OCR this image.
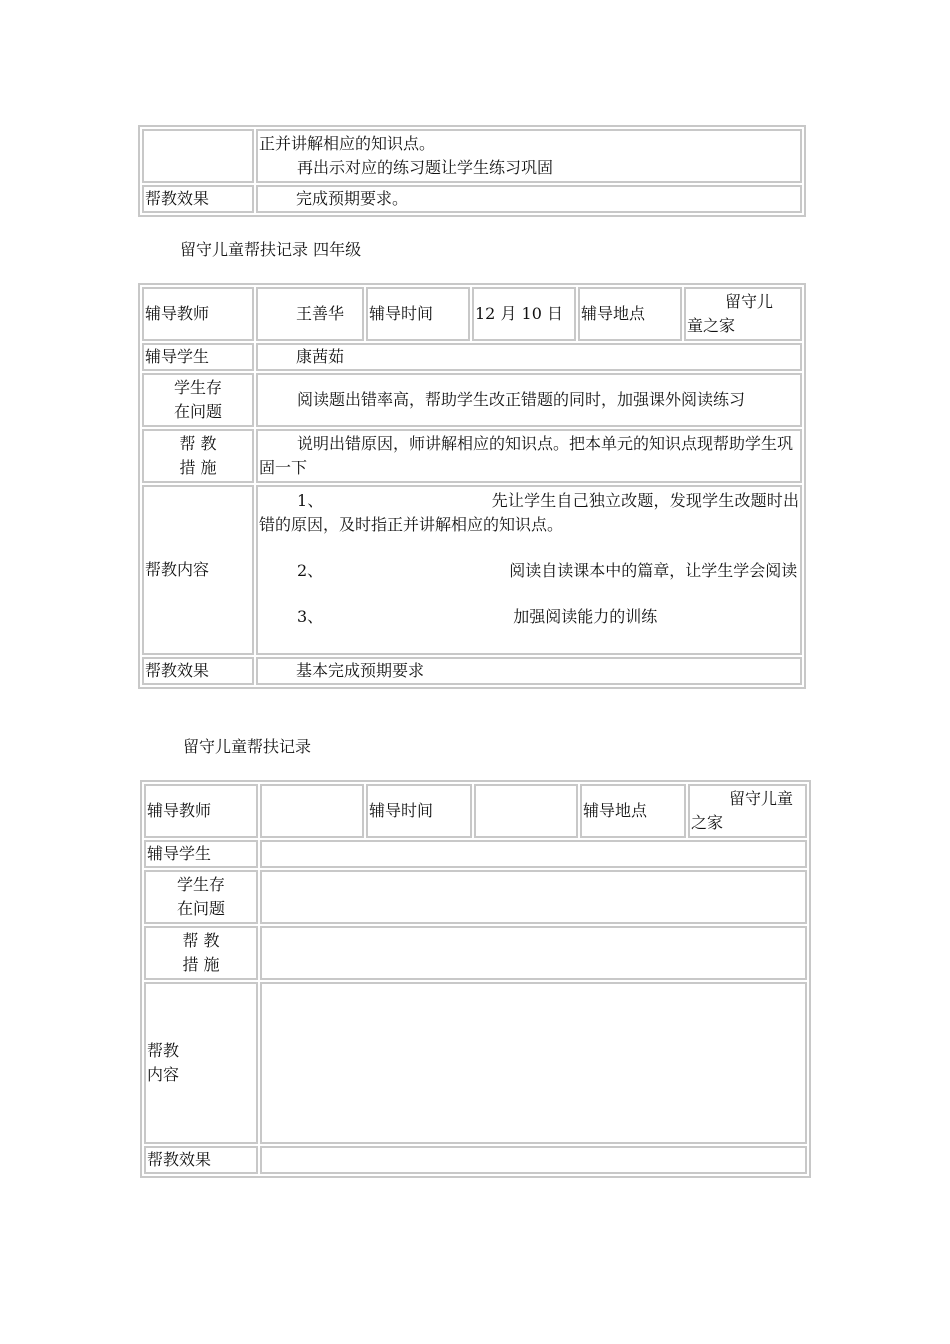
	正并讲解相应的知识点。
再出示对应的练习题让学生练习巩固

帮教效果	完成预期要求。
留守儿童帮扶记录 四年级
辅导教师	王善华	辅导时间	12 月 10 日	辅导地点	留守儿
童之家

辅导学生	康茜茹				

学生存
在问题	阅读题出错率高，帮助学生改正错题的同时，加强课外阅读练习				

帮 教
措 施	说明出错原因，师讲解相应的知识点。把本单元的知识点现帮助学生巩固一下				

帮教内容	1、 先让学生自己独立改题，发现学生改题时出错的原因，及时指正并讲解相应的知识点。
2、 阅读自读课本中的篇章，让学生学会阅读
3、 加强阅读能力的训练				

帮教效果	基本完成预期要求				
留守儿童帮扶记录
辅导教师		辅导时间		辅导地点	留守儿童
之家

辅导学生					

学生存
在问题					

帮 教
措 施					

帮教
内容					

帮教效果					
